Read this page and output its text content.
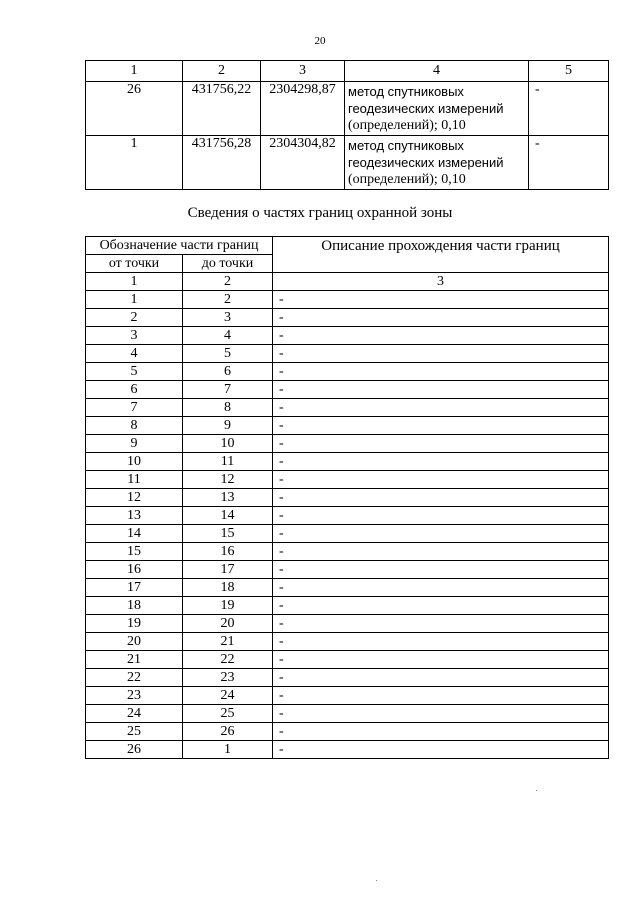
20
1	2	3	4	5
26	431756,22	2304298,87	метод спутниковых
геодезических измерений
(определений); 0,10	-
1	431756,28	2304304,82	метод спутниковых
геодезических измерений
(определений); 0,10	-
Сведения о частях границ охранной зоны
Обозначение части границ		Описание прохождения части границ
от точки	до точки	
1	2	3
1	2	-
2	3	-
3	4	-
4	5	-
5	6	-
6	7	-
7	8	-
8	9	-
9	10	-
10	11	-
11	12	-
12	13	-
13	14	-
14	15	-
15	16	-
16	17	-
17	18	-
18	19	-
19	20	-
20	21	-
21	22	-
22	23	-
23	24	-
24	25	-
25	26	-
26	1	-
